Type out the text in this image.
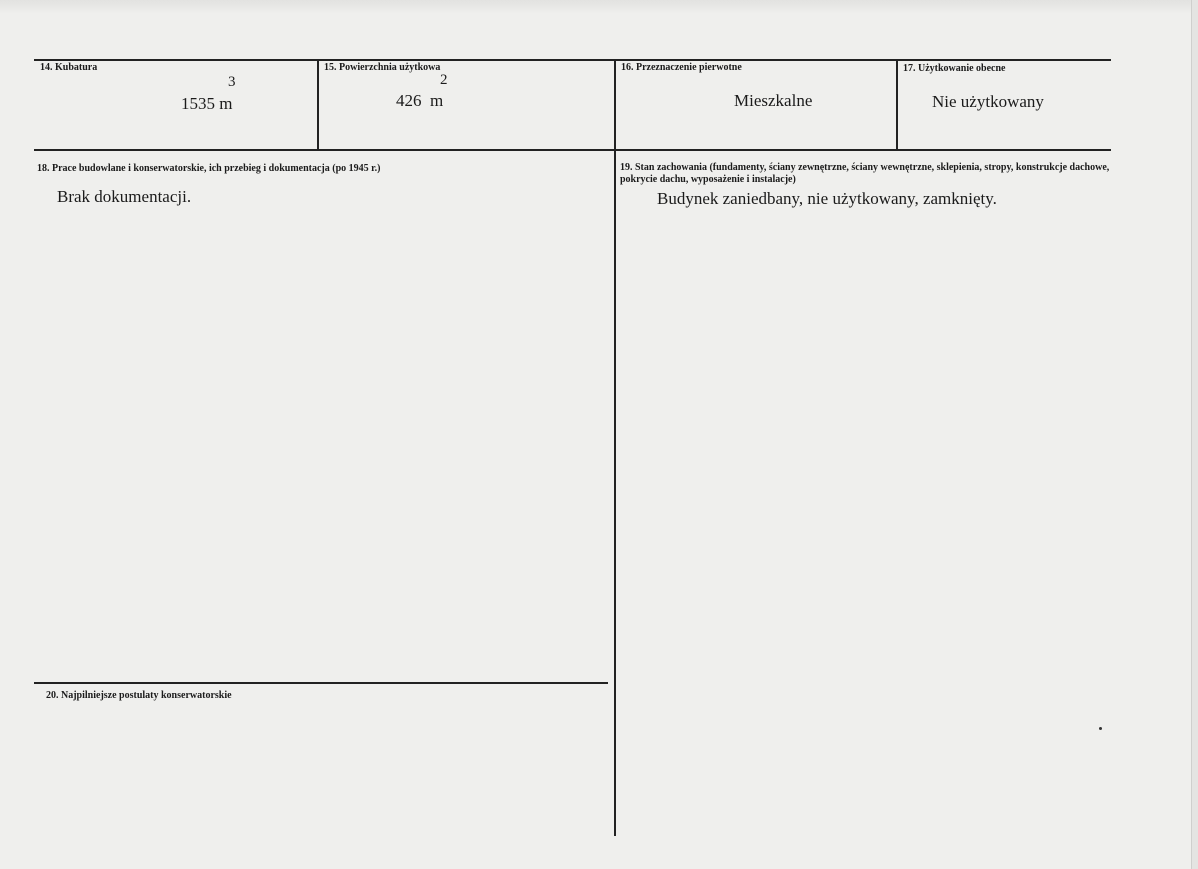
14. Kubatura
3
1535 m
15. Powierzchnia użytkowa
2
426  m
16. Przeznaczenie pierwotne
Mieszkalne
17. Użytkowanie obecne
Nie użytkowany
18. Prace budowlane i konserwatorskie, ich przebieg i dokumentacja (po 1945 r.)
Brak dokumentacji.
19. Stan zachowania (fundamenty, ściany zewnętrzne, ściany wewnętrzne, sklepienia, stropy, konstrukcje dachowe, pokrycie dachu, wyposażenie i instalacje)
Budynek zaniedbany, nie użytkowany, zamknięty.
20. Najpilniejsze postulaty konserwatorskie
